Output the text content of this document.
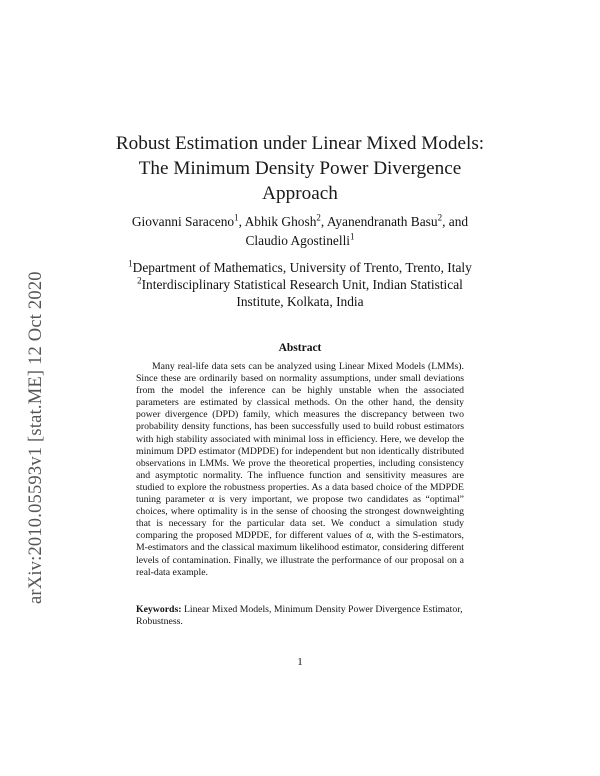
arXiv:2010.05593v1 [stat.ME] 12 Oct 2020
Robust Estimation under Linear Mixed Models:
The Minimum Density Power Divergence
Approach
Giovanni Saraceno$^1$, Abhik Ghosh$^2$, Ayanendranath Basu$^2$, and
Claudio Agostinelli$^1$
$^1$Department of Mathematics, University of Trento, Trento, Italy
$^2$Interdisciplinary Statistical Research Unit, Indian Statistical
Institute, Kolkata, India
Abstract

Many real-life data sets can be analyzed using Linear Mixed Models (LMMs). Since these are ordinarily based on normality assumptions, under small deviations from the model the inference can be highly unstable when the associated parameters are estimated by classical methods. On the other hand, the density power divergence (DPD) family, which measures the discrepancy between two probability density functions, has been successfully used to build robust estimators with high stability associated with minimal loss in efficiency. Here, we develop the minimum DPD estimator (MDPDE) for independent but non identically distributed observations in LMMs. We prove the theoretical properties, including consistency and asymptotic normality. The influence function and sensitivity measures are studied to explore the robustness properties. As a data based choice of the MDPDE tuning parameter α is very important, we propose two candidates as “optimal” choices, where optimality is in the sense of choosing the strongest downweighting that is necessary for the particular data set. We conduct a simulation study comparing the proposed MDPDE, for different values of α, with the S-estimators, M-estimators and the classical maximum likelihood estimator, considering different levels of contamination. Finally, we illustrate the performance of our proposal on a real-data example.

Keywords: Linear Mixed Models, Minimum Density Power Divergence Estimator, Robustness.

1
